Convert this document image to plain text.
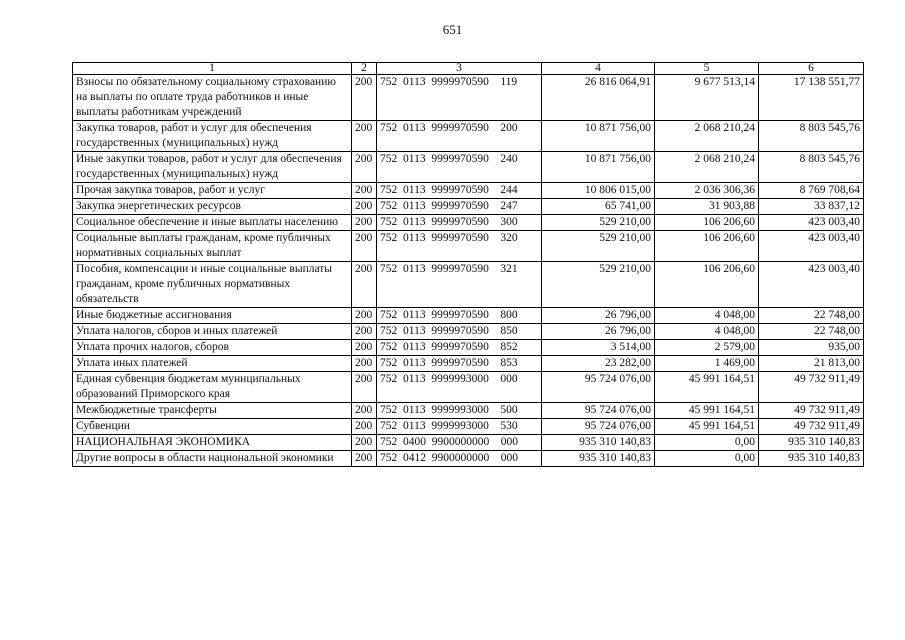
651
1	2	3	4	5	6
Взносы по обязательному социальному страхованию на выплаты по оплате труда работников и иные выплаты работникам учреждений	200	752  0113  9999970590    119	26 816 064,91	9 677 513,14	17 138 551,77
Закупка товаров, работ и услуг для обеспечения государственных (муниципальных) нужд	200	752  0113  9999970590    200	10 871 756,00	2 068 210,24	8 803 545,76
Иные закупки товаров, работ и услуг для обеспечения государственных (муниципальных) нужд	200	752  0113  9999970590    240	10 871 756,00	2 068 210,24	8 803 545,76
Прочая закупка товаров, работ и услуг	200	752  0113  9999970590    244	10 806 015,00	2 036 306,36	8 769 708,64
Закупка энергетических ресурсов	200	752  0113  9999970590    247	65 741,00	31 903,88	33 837,12
Социальное обеспечение и иные выплаты населению	200	752  0113  9999970590    300	529 210,00	106 206,60	423 003,40
Социальные выплаты гражданам, кроме публичных нормативных социальных выплат	200	752  0113  9999970590    320	529 210,00	106 206,60	423 003,40
Пособия, компенсации и иные социальные выплаты гражданам, кроме публичных нормативных обязательств	200	752  0113  9999970590    321	529 210,00	106 206,60	423 003,40
Иные бюджетные ассигнования	200	752  0113  9999970590    800	26 796,00	4 048,00	22 748,00
Уплата налогов, сборов и иных платежей	200	752  0113  9999970590    850	26 796,00	4 048,00	22 748,00
Уплата прочих налогов, сборов	200	752  0113  9999970590    852	3 514,00	2 579,00	935,00
Уплата иных платежей	200	752  0113  9999970590    853	23 282,00	1 469,00	21 813,00
Единая субвенция бюджетам муниципальных образований Приморского края	200	752  0113  9999993000    000	95 724 076,00	45 991 164,51	49 732 911,49
Межбюджетные трансферты	200	752  0113  9999993000    500	95 724 076,00	45 991 164,51	49 732 911,49
Субвенции	200	752  0113  9999993000    530	95 724 076,00	45 991 164,51	49 732 911,49
НАЦИОНАЛЬНАЯ ЭКОНОМИКА	200	752  0400  9900000000    000	935 310 140,83	0,00	935 310 140,83
Другие вопросы в области национальной экономики	200	752  0412  9900000000    000	935 310 140,83	0,00	935 310 140,83
